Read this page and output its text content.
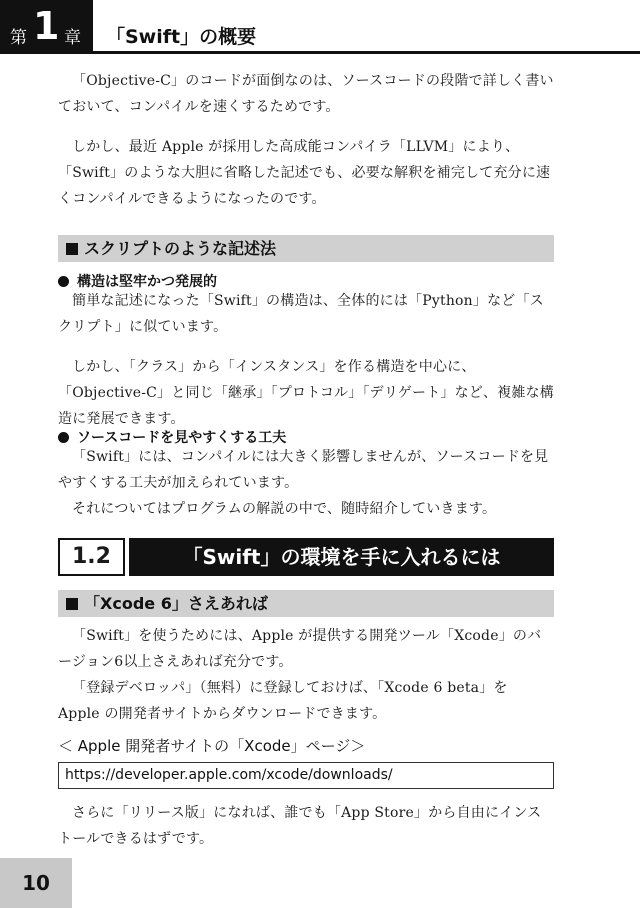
第 1 章 「Swift」の概要

「Objective-C」のコードが面倒なのは、ソースコードの段階で詳しく書いておいて、コンパイルを速くするためです。

しかし、最近 Apple が採用した高成能コンパイラ「LLVM」により、「Swift」のような大胆に省略した記述でも、必要な解釈を補完して充分に速くコンパイルできるようになったのです。

スクリプトのような記述法
構造は堅牢かつ発展的

簡単な記述になった「Swift」の構造は、全体的には「Python」など「スクリプト」に似ています。

しかし、「クラス」から「インスタンス」を作る構造を中心に、「Objective-C」と同じ「継承」「プロトコル」「デリゲート」など、複雑な構造に発展できます。

ソースコードを見やすくする工夫

「Swift」には、コンパイルには大きく影響しませんが、ソースコードを見やすくする工夫が加えられています。

それについてはプログラムの解説の中で、随時紹介していきます。

1.2	「Swift」の環境を手に入れるには
「Xcode 6」さえあれば

「Swift」を使うためには、Apple が提供する開発ツール「Xcode」のバージョン6以上さえあれば充分です。

「登録デベロッパ」（無料）に登録しておけば、「Xcode 6 beta」を Apple の開発者サイトからダウンロードできます。

＜ Apple 開発者サイトの「Xcode」ページ＞
https://developer.apple.com/xcode/downloads/

さらに「リリース版」になれば、誰でも「App Store」から自由にインストールできるはずです。

10
